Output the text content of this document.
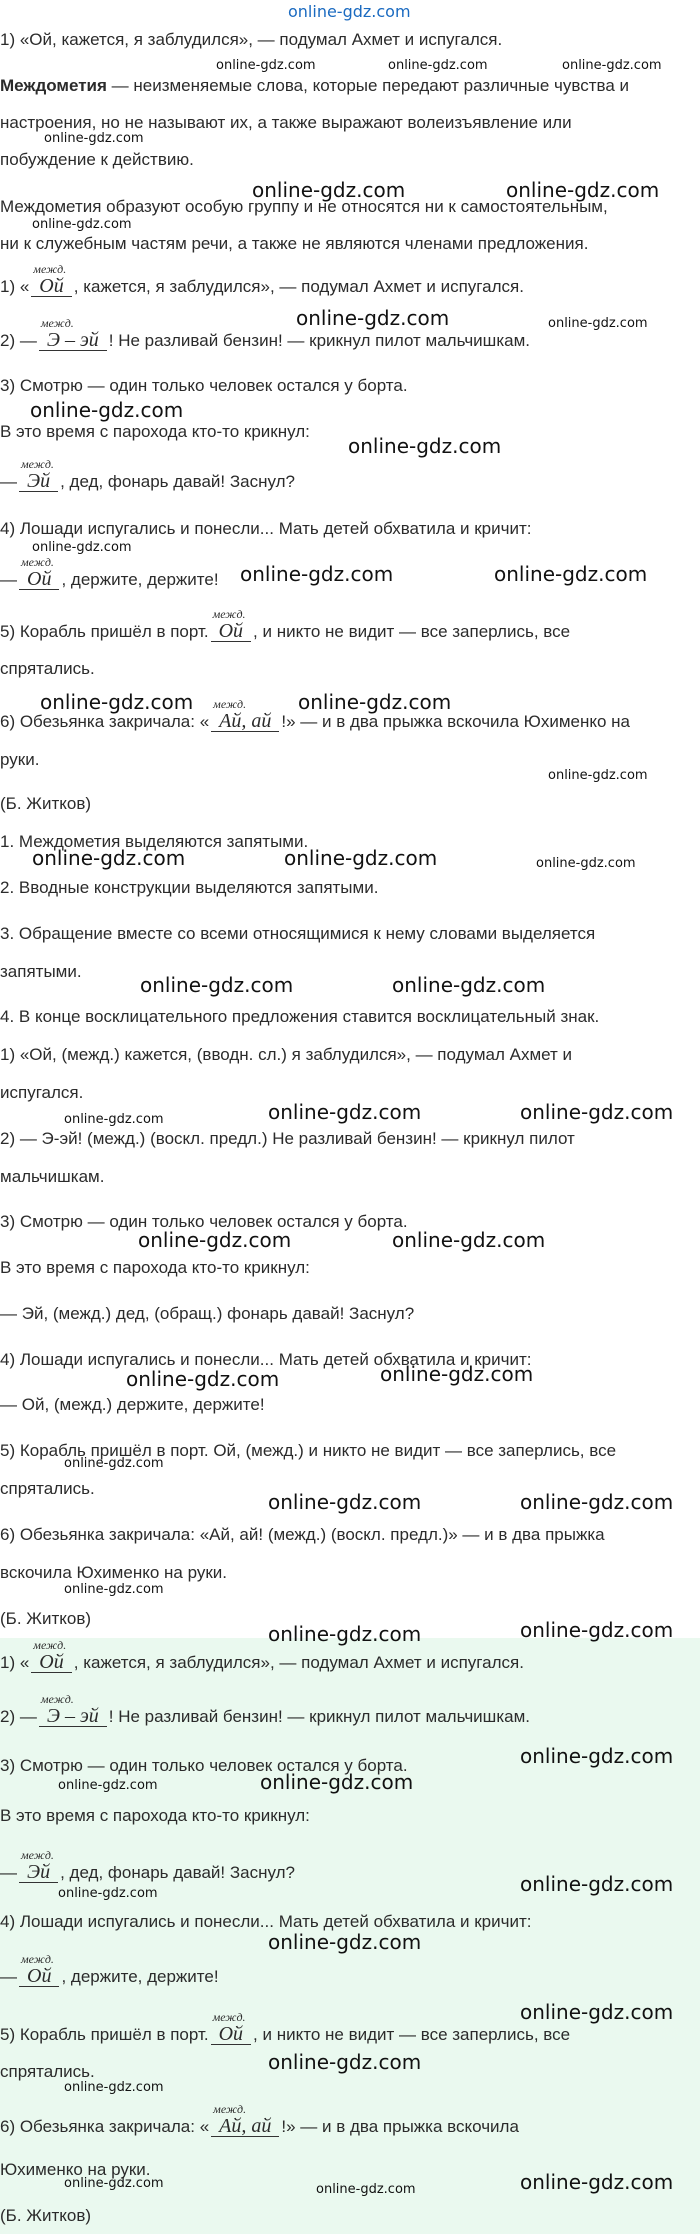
online-gdz.com
1) «Ой, кажется, я заблудился», — подумал Ахмет и испугался.
Междометия — неизменяемые слова, которые передают различные чувства и
настроения, но не называют их, а также выражают волеизъявление или
побуждение к действию.
Междометия образуют особую группу и не относятся ни к самостоятельным,
ни к служебным частям речи, а также не являются членами предложения.
1) «
межд.
Ой , кажется, я заблудился», — подумал Ахмет и испугался.
2) —
межд.
Э – эй ! Не разливай бензин! — крикнул пилот мальчишкам.
3) Смотрю — один только человек остался у борта.
В это время с парохода кто-то крикнул:
—
межд.
Эй , дед, фонарь давай! Заснул?
4) Лошади испугались и понесли... Мать детей обхватила и кричит:
—
межд.
Ой , держите, держите!
5) Корабль пришёл в порт.
межд.
Ой , и никто не видит — все заперлись, все
спрятались.
6) Обезьянка закричала: «
межд.
Ай, ай !» — и в два прыжка вскочила Юхименко на
руки.
(Б. Житков)
1. Междометия выделяются запятыми.
2. Вводные конструкции выделяются запятыми.
3. Обращение вместе со всеми относящимися к нему словами выделяется
запятыми.
4. В конце восклицательного предложения ставится восклицательный знак.
1) «Ой, (межд.) кажется, (вводн. сл.) я заблудился», — подумал Ахмет и
испугался.
2) — Э-эй! (межд.) (воскл. предл.) Не разливай бензин! — крикнул пилот
мальчишкам.
3) Смотрю — один только человек остался у борта.
В это время с парохода кто-то крикнул:
— Эй, (межд.) дед, (обращ.) фонарь давай! Заснул?
4) Лошади испугались и понесли... Мать детей обхватила и кричит:
— Ой, (межд.) держите, держите!
5) Корабль пришёл в порт. Ой, (межд.) и никто не видит — все заперлись, все
спрятались.
6) Обезьянка закричала: «Ай, ай! (межд.) (воскл. предл.)» — и в два прыжка
вскочила Юхименко на руки.
(Б. Житков)
1) «
межд.
Ой , кажется, я заблудился», — подумал Ахмет и испугался.
2) —
межд.
Э – эй ! Не разливай бензин! — крикнул пилот мальчишкам.
3) Смотрю — один только человек остался у борта.
В это время с парохода кто-то крикнул:
—
межд.
Эй , дед, фонарь давай! Заснул?
4) Лошади испугались и понесли... Мать детей обхватила и кричит:
—
межд.
Ой , держите, держите!
5) Корабль пришёл в порт.
межд.
Ой , и никто не видит — все заперлись, все
спрятались.
6) Обезьянка закричала: «
межд.
Ай, ай !» — и в два прыжка вскочила
Юхименко на руки.
(Б. Житков)
online-gdz.com	online-gdz.com	online-gdz.com
online-gdz.com
online-gdz.com	online-gdz.com
online-gdz.com
online-gdz.com	online-gdz.com
online-gdz.com
online-gdz.com
online-gdz.com
online-gdz.com	online-gdz.com
online-gdz.com	online-gdz.com
online-gdz.com
online-gdz.com	online-gdz.com	online-gdz.com
online-gdz.com	online-gdz.com
online-gdz.com	online-gdz.com	online-gdz.com
online-gdz.com	online-gdz.com
online-gdz.com	online-gdz.com
online-gdz.com
online-gdz.com	online-gdz.com
online-gdz.com
online-gdz.com	online-gdz.com
online-gdz.com	online-gdz.com
online-gdz.com
online-gdz.com	online-gdz.com
online-gdz.com
online-gdz.com
online-gdz.com
online-gdz.com
online-gdz.com	online-gdz.com	online-gdz.com
